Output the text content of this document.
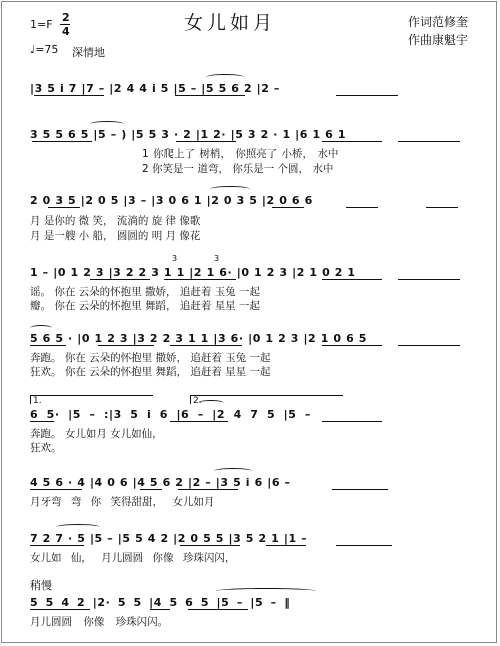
1=F
2
4	女儿如月	作词范修奎
作曲康魁宇
♩=75 深情地
|3 5 i 7 |7 – |2 4 4 i 5 |5 – |5 5 6 2 |2 –
3 5 5 6 5 |5 – ) |5 5 3 · 2 |1 2· |5 3 2 · 1 |6 1 6 1
1 你爬上了 树梢， 你照亮了 小桥， 水中
2 你笑是一 道弯， 你乐是一 个圆， 水中
2 0 3 5 |2 0 5 |3 – |3 0 6 1 |2 0 3 5 |2 0 6 6
月 是你的 微 笑， 流淌的 旋 律 像歌
月 是一艘 小 船， 圆圆的 明 月 像花
1 – |0 1 2 3 |3 2 2 3 1 1 |2 1 6· |0 1 2 3 |2 1 0 2 1
3	3
谣。 你在 云朵的怀抱里 撒娇， 追赶着 玉兔 一起
瓣。 你在 云朵的怀抱里 舞蹈， 追赶着 星星 一起
5 6 5 · |0 1 2 3 |3 2 2 3 1 1 |3 6· |0 1 2 3 |2 1 0 6 5
奔跑。 你在 云朵的怀抱里 撒娇， 追赶着 玉兔 一起
狂欢。 你在 云朵的怀抱里 舞蹈， 追赶着 星星 一起
1.	2.
6 5· |5 – :|3 5 i 6 |6 – |2 4 7 5 |5 –
奔跑。 女儿如月 女儿如仙，
狂欢。
4 5 6 · 4 |4 0 6 |4 5 6 2 |2 – |3 5 i 6 |6 –
月牙弯 弯 你 笑得甜甜， 女儿如月
7 2 7 · 5 |5 – |5 5 4 2 |2 0 5 5 |3 5 2 1 |1 –
女儿如 仙， 月儿圆圆 你像 珍珠闪闪，
稍慢
5 5 4 2 |2· 5 5 |4 5 6 5 |5 – |5 – ‖
月儿圆圆 你像 珍珠闪闪。
